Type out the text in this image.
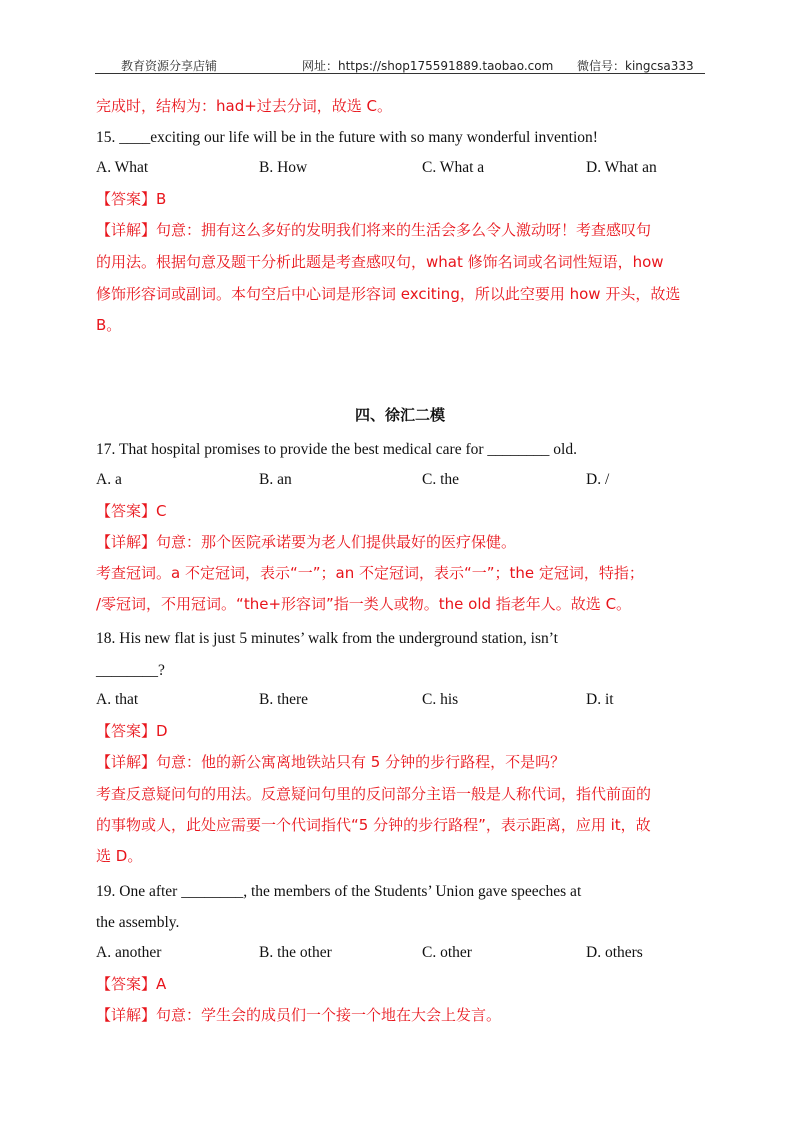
教育资源分享店铺	网址：https://shop175591889.taobao.com 微信号：kingcsa333
完成时，结构为：had+过去分词，故选 C。
15. ____exciting our life will be in the future with so many wonderful invention!
A. What	B. How	C. What a	D. What an
【答案】B
【详解】句意：拥有这么多好的发明我们将来的生活会多么令人激动呀！考查感叹句
的用法。根据句意及题干分析此题是考查感叹句，what 修饰名词或名词性短语，how
修饰形容词或副词。本句空后中心词是形容词 exciting，所以此空要用 how 开头，故选
B。
四、徐汇二模
17. That hospital promises to provide the best medical care for ________ old.
A. a	B. an	C. the	D. /
【答案】C
【详解】句意：那个医院承诺要为老人们提供最好的医疗保健。
考查冠词。a 不定冠词，表示“一”；an 不定冠词，表示“一”；the 定冠词，特指；
/零冠词，不用冠词。“the+形容词”指一类人或物。the old 指老年人。故选 C。
18. His new flat is just 5 minutes’ walk from the underground station, isn’t
________?
A. that	B. there	C. his	D. it
【答案】D
【详解】句意：他的新公寓离地铁站只有 5 分钟的步行路程，不是吗？
考查反意疑问句的用法。反意疑问句里的反问部分主语一般是人称代词，指代前面的
的事物或人，此处应需要一个代词指代“5 分钟的步行路程”，表示距离，应用 it，故
选 D。
19. One after ________, the members of the Students’ Union gave speeches at
the assembly.
A. another	B. the other	C. other	D. others
【答案】A
【详解】句意：学生会的成员们一个接一个地在大会上发言。
